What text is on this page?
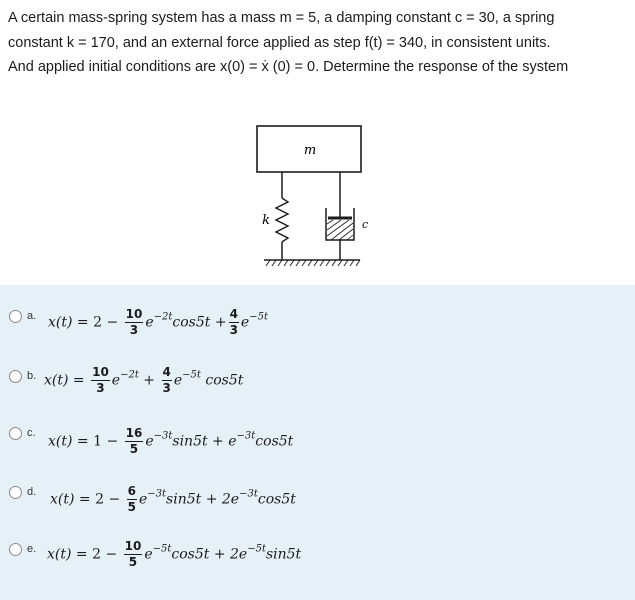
A certain mass-spring system has a mass m = 5, a damping constant c = 30, a spring
constant k = 170, and an external force applied as step f(t) = 340, in consistent units.
And applied initial conditions are x(0) = ẋ (0) = 0. Determine the response of the system
m
k	c
a. $x(t) = 2 - \frac{10}{3} e^{-2t}\cos 5t + \frac{4}{3} e^{-5t}$
b. $x(t) = \frac{10}{3} e^{-2t} + \frac{4}{3} e^{-5t}$ cos5t
c.
$x(t) = 1 - \frac{16}{5} e^{-3t}\sin 5t + e^{-3t}\cos 5t$
d. $x(t) = 2 - \frac{6}{5} e^{-3t}\sin 5t + 2e^{-3t}\cos 5t$
e. $x(t) = 2 - \frac{10}{5} e^{-5t}\cos 5t + 2e^{-5t}\sin 5t$
